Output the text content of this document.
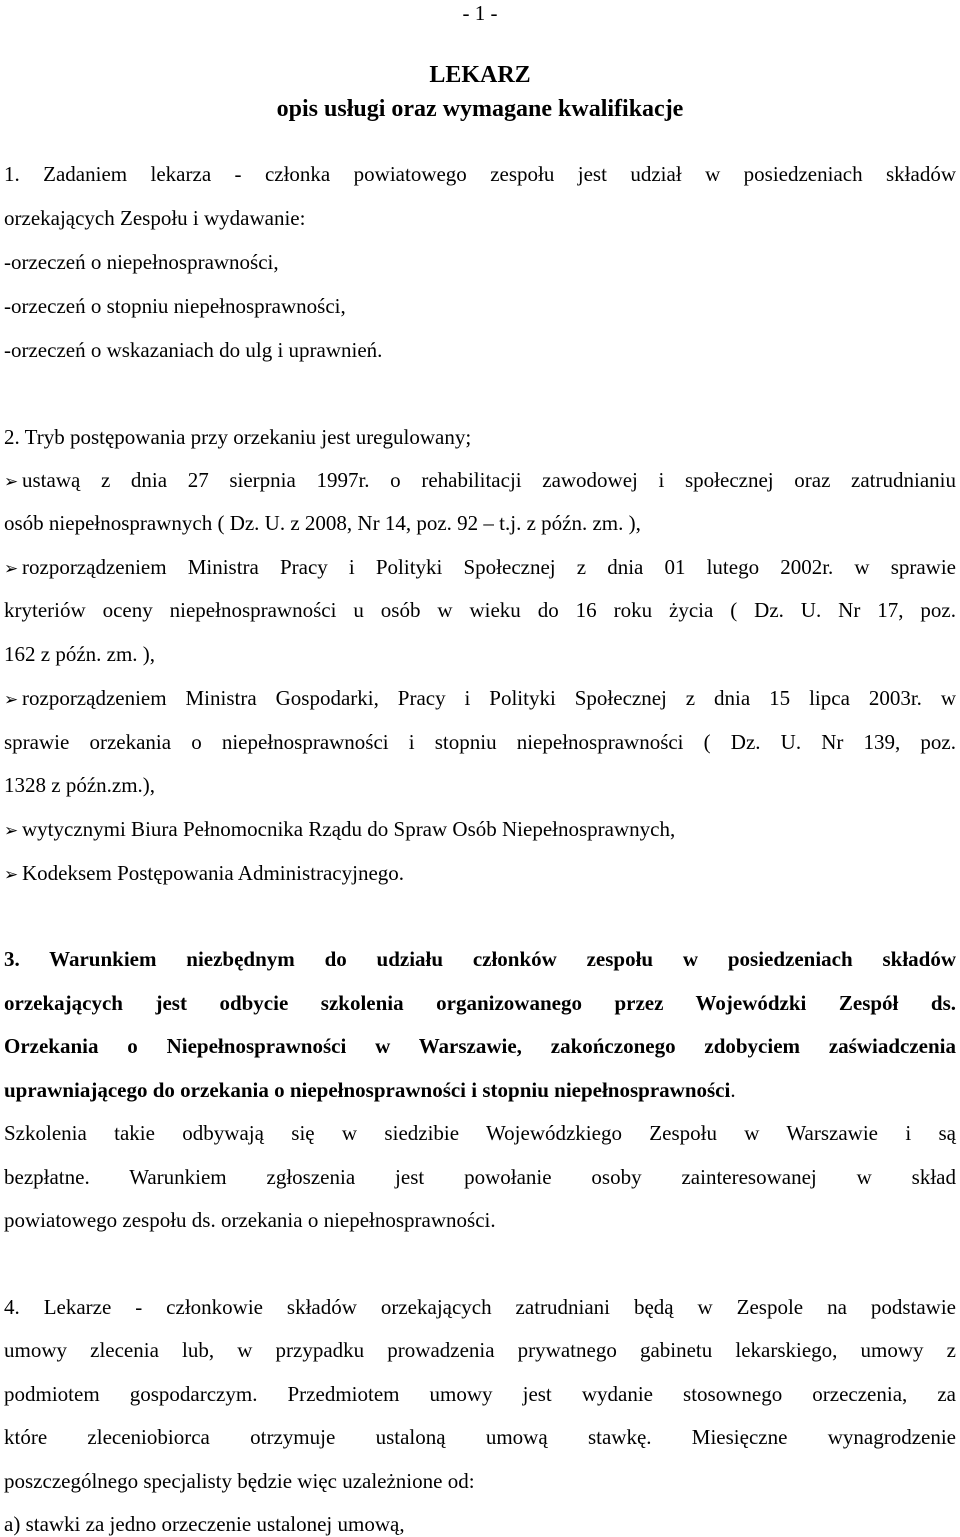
- 1 -
LEKARZ
opis usługi oraz wymagane kwalifikacje
1. Zadaniem lekarza - członka powiatowego zespołu jest udział w posiedzeniach składów
orzekających Zespołu i wydawanie:
-orzeczeń o niepełnosprawności,
-orzeczeń o stopniu niepełnosprawności,
-orzeczeń o wskazaniach do ulg i uprawnień.
2. Tryb postępowania przy orzekaniu jest uregulowany;
➢ ustawą z dnia 27 sierpnia 1997r. o rehabilitacji zawodowej i społecznej oraz zatrudnianiu
osób niepełnosprawnych ( Dz. U. z 2008, Nr 14, poz. 92 – t.j. z późn. zm. ),
➢ rozporządzeniem Ministra Pracy i Polityki Społecznej z dnia 01 lutego 2002r. w sprawie
kryteriów oceny niepełnosprawności u osób w wieku do 16 roku życia ( Dz. U. Nr 17, poz.
162 z późn. zm. ),
➢ rozporządzeniem Ministra Gospodarki, Pracy i Polityki Społecznej z dnia 15 lipca 2003r. w
sprawie orzekania o niepełnosprawności i stopniu niepełnosprawności ( Dz. U. Nr 139, poz.
1328 z późn.zm.),
➢ wytycznymi Biura Pełnomocnika Rządu do Spraw Osób Niepełnosprawnych,
➢ Kodeksem Postępowania Administracyjnego.
3. Warunkiem niezbędnym do udziału członków zespołu w posiedzeniach składów
orzekających jest odbycie szkolenia organizowanego przez Wojewódzki Zespół ds.
Orzekania o Niepełnosprawności w Warszawie, zakończonego zdobyciem zaświadczenia
uprawniającego do orzekania o niepełnosprawności i stopniu niepełnosprawności.
Szkolenia takie odbywają się w siedzibie Wojewódzkiego Zespołu w Warszawie i są
bezpłatne. Warunkiem zgłoszenia jest powołanie osoby zainteresowanej w skład
powiatowego zespołu ds. orzekania o niepełnosprawności.
4. Lekarze - członkowie składów orzekających zatrudniani będą w Zespole na podstawie
umowy zlecenia lub, w przypadku prowadzenia prywatnego gabinetu lekarskiego, umowy z
podmiotem gospodarczym. Przedmiotem umowy jest wydanie stosownego orzeczenia, za
które zleceniobiorca otrzymuje ustaloną umową stawkę. Miesięczne wynagrodzenie
poszczególnego specjalisty będzie więc uzależnione od:
a) stawki za jedno orzeczenie ustalonej umową,
